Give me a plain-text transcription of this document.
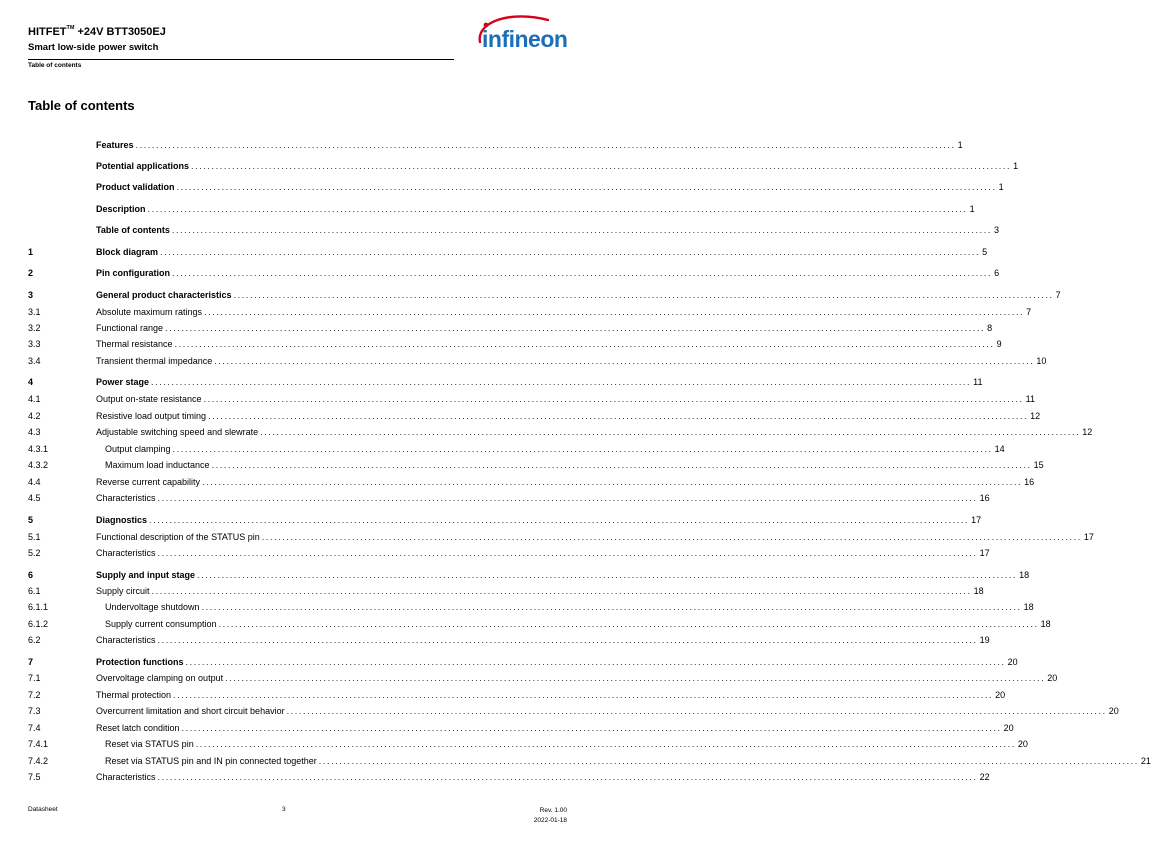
HITFET™ +24V BTT3050EJ
Smart low-side power switch
Table of contents
infineon
Table of contents
Features ........................................................................................................................................................................................................ 1
Potential applications ........................................................................................................................................................................................................ 1
Product validation ........................................................................................................................................................................................................ 1
Description ........................................................................................................................................................................................................ 1
Table of contents ........................................................................................................................................................................................................ 3
1	Block diagram ........................................................................................................................................................................................................ 5
2	Pin configuration ........................................................................................................................................................................................................ 6
3	General product characteristics ........................................................................................................................................................................................................ 7
3.1	Absolute maximum ratings ........................................................................................................................................................................................................ 7
3.2	Functional range ........................................................................................................................................................................................................ 8
3.3	Thermal resistance ........................................................................................................................................................................................................ 9
3.4	Transient thermal impedance ........................................................................................................................................................................................................ 10
4	Power stage ........................................................................................................................................................................................................ 11
4.1	Output on-state resistance ........................................................................................................................................................................................................ 11
4.2	Resistive load output timing ........................................................................................................................................................................................................ 12
4.3	Adjustable switching speed and slewrate ........................................................................................................................................................................................................ 12
4.3.1	Output clamping ........................................................................................................................................................................................................ 14
4.3.2	Maximum load inductance ........................................................................................................................................................................................................ 15
4.4	Reverse current capability ........................................................................................................................................................................................................ 16
4.5	Characteristics ........................................................................................................................................................................................................ 16
5	Diagnostics ........................................................................................................................................................................................................ 17
5.1	Functional description of the STATUS pin ........................................................................................................................................................................................................ 17
5.2	Characteristics ........................................................................................................................................................................................................ 17
6	Supply and input stage ........................................................................................................................................................................................................ 18
6.1	Supply circuit ........................................................................................................................................................................................................ 18
6.1.1	Undervoltage shutdown ........................................................................................................................................................................................................ 18
6.1.2	Supply current consumption ........................................................................................................................................................................................................ 18
6.2	Characteristics ........................................................................................................................................................................................................ 19
7	Protection functions ........................................................................................................................................................................................................ 20
7.1	Overvoltage clamping on output ........................................................................................................................................................................................................ 20
7.2	Thermal protection ........................................................................................................................................................................................................ 20
7.3	Overcurrent limitation and short circuit behavior ........................................................................................................................................................................................................ 20
7.4	Reset latch condition ........................................................................................................................................................................................................ 20
7.4.1	Reset via STATUS pin ........................................................................................................................................................................................................ 20
7.4.2	Reset via STATUS pin and IN pin connected together ........................................................................................................................................................................................................ 21
7.5	Characteristics ........................................................................................................................................................................................................ 22
Datasheet	3	Rev. 1.00
2022-01-18
